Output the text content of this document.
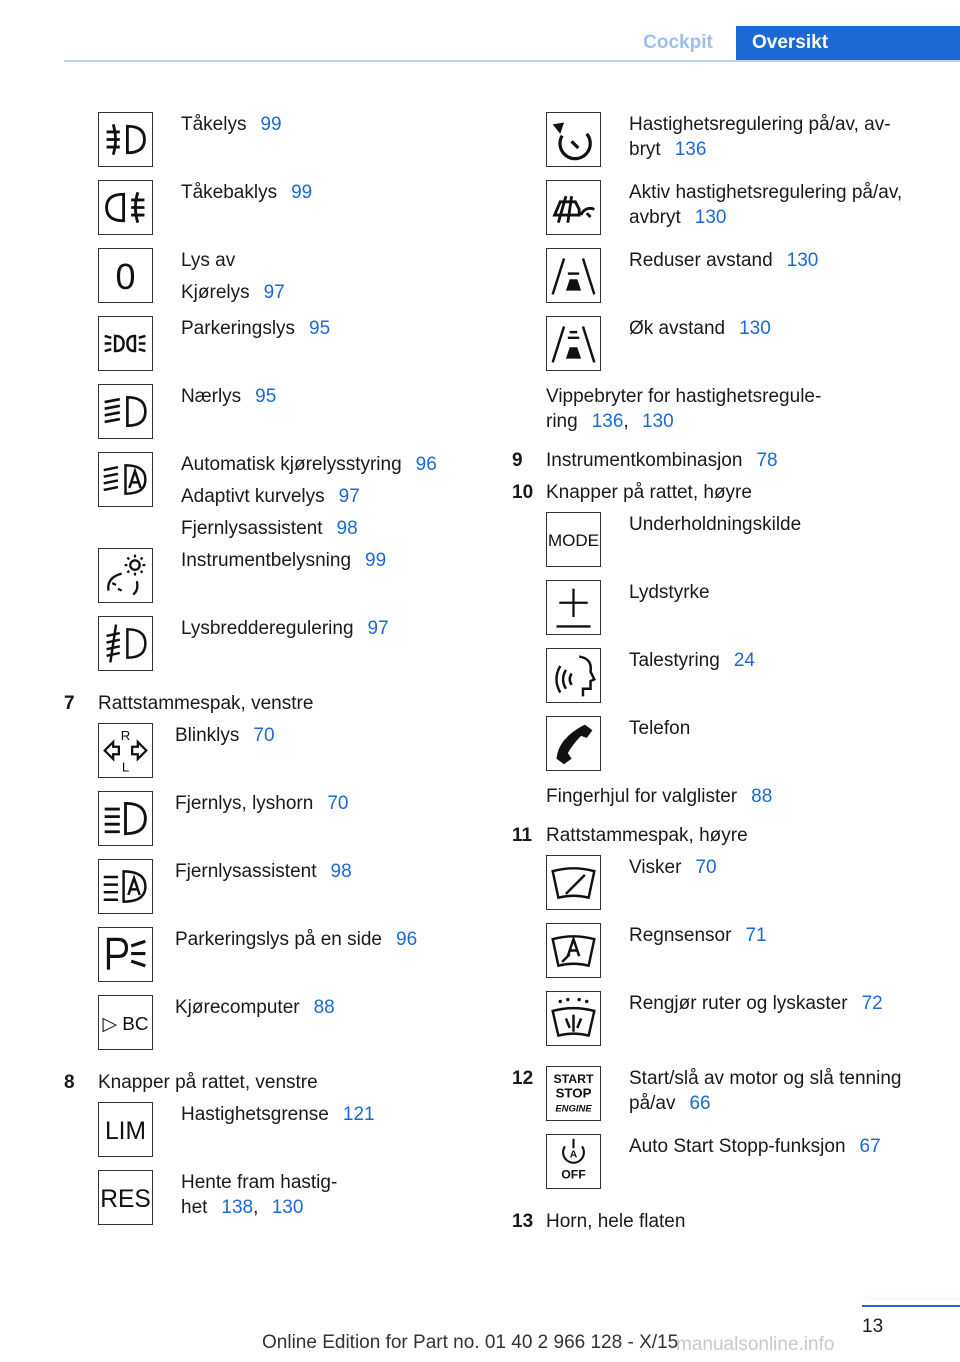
Cockpit	Oversikt
Tåkelys 99
Tåkebaklys 99
0 Lys av
Kjørelys 97
Parkeringslys 95
Nærlys 95
Automatisk kjørelysstyring 96
Adaptivt kurvelys 97
Fjernlysassistent 98
Instrumentbelysning 99
Lysbredderegulering 97
7 Rattstammespak, venstre
R
L
Blinklys 70
Fjernlys, lyshorn 70
Fjernlysassistent 98
Parkeringslys på en side 96
▷ BC
Kjørecomputer 88
8 Knapper på rattet, venstre
LIM
Hastighetsgrense 121
RES
Hente fram hastig-
het 138, 130
Hastighetsregulering på/av, av-
bryt 136
Aktiv hastighetsregulering på/av,
avbryt 130
Reduser avstand 130
Øk avstand 130
Vippebryter for hastighetsregule-
ring 136, 130
9 Instrumentkombinasjon 78
10 Knapper på rattet, høyre
MODE
Underholdningskilde
Lydstyrke
Talestyring 24
Telefon
Fingerhjul for valglister 88
11 Rattstammespak, høyre
Visker 70
Regnsensor 71
Rengjør ruter og lyskaster 72
12 START
STOP
ENGINE
Start/slå av motor og slå tenning
på/av 66
A
OFF
Auto Start Stopp-funksjon 67
13 Horn, hele flaten
13
Online Edition for Part no. 01 40 2 966 128 - X/15
manualsonline.info
